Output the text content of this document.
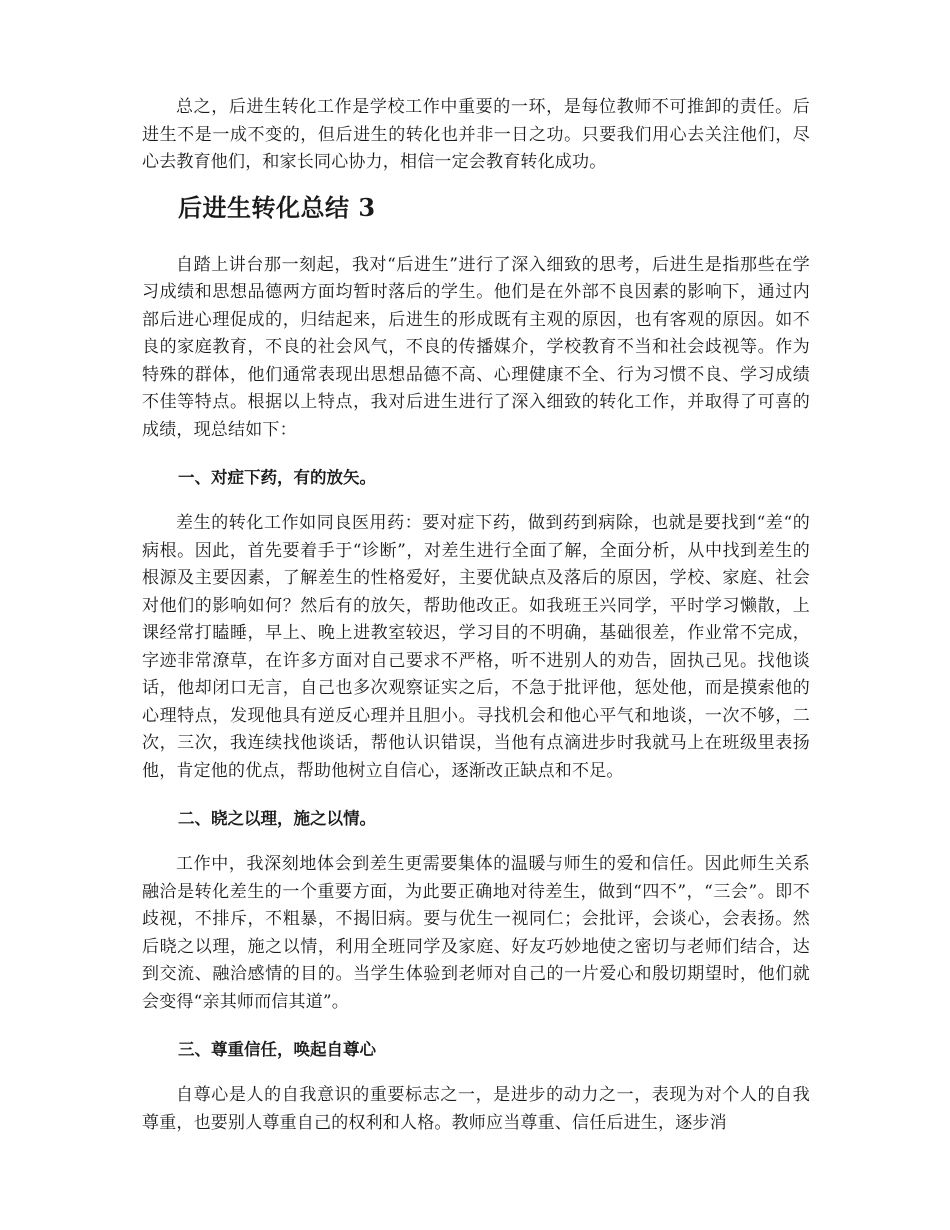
总之，后进生转化工作是学校工作中重要的一环，是每位教师不可推卸的责任。后进生不是一成不变的，但后进生的转化也并非一日之功。只要我们用心去关注他们，尽心去教育他们，和家长同心协力，相信一定会教育转化成功。

后进生转化总结 3

自踏上讲台那一刻起，我对“后进生”进行了深入细致的思考，后进生是指那些在学习成绩和思想品德两方面均暂时落后的学生。他们是在外部不良因素的影响下，通过内部后进心理促成的，归结起来，后进生的形成既有主观的原因，也有客观的原因。如不良的家庭教育，不良的社会风气，不良的传播媒介，学校教育不当和社会歧视等。作为特殊的群体，他们通常表现出思想品德不高、心理健康不全、行为习惯不良、学习成绩不佳等特点。根据以上特点，我对后进生进行了深入细致的转化工作，并取得了可喜的成绩，现总结如下：

一、对症下药，有的放矢。

差生的转化工作如同良医用药：要对症下药，做到药到病除，也就是要找到“差“的病根。因此，首先要着手于“诊断”，对差生进行全面了解，全面分析，从中找到差生的根源及主要因素，了解差生的性格爱好，主要优缺点及落后的原因，学校、家庭、社会对他们的影响如何？然后有的放矢，帮助他改正。如我班王兴同学，平时学习懒散，上课经常打瞌睡，早上、晚上进教室较迟，学习目的不明确，基础很差，作业常不完成，字迹非常潦草，在许多方面对自己要求不严格，听不进别人的劝告，固执己见。找他谈话，他却闭口无言，自己也多次观察证实之后，不急于批评他，惩处他，而是摸索他的心理特点，发现他具有逆反心理并且胆小。寻找机会和他心平气和地谈，一次不够，二次，三次，我连续找他谈话，帮他认识错误，当他有点滴进步时我就马上在班级里表扬他，肯定他的优点，帮助他树立自信心，逐渐改正缺点和不足。

二、晓之以理，施之以情。

工作中，我深刻地体会到差生更需要集体的温暖与师生的爱和信任。因此师生关系融洽是转化差生的一个重要方面，为此要正确地对待差生，做到“四不”，“三会”。即不歧视，不排斥，不粗暴，不揭旧病。要与优生一视同仁；会批评，会谈心，会表扬。然后晓之以理，施之以情，利用全班同学及家庭、好友巧妙地使之密切与老师们结合，达到交流、融洽感情的目的。当学生体验到老师对自己的一片爱心和殷切期望时，他们就会变得“亲其师而信其道”。

三、尊重信任，唤起自尊心

自尊心是人的自我意识的重要标志之一，是进步的动力之一，表现为对个人的自我尊重，也要别人尊重自己的权利和人格。教师应当尊重、信任后进生，逐步消
